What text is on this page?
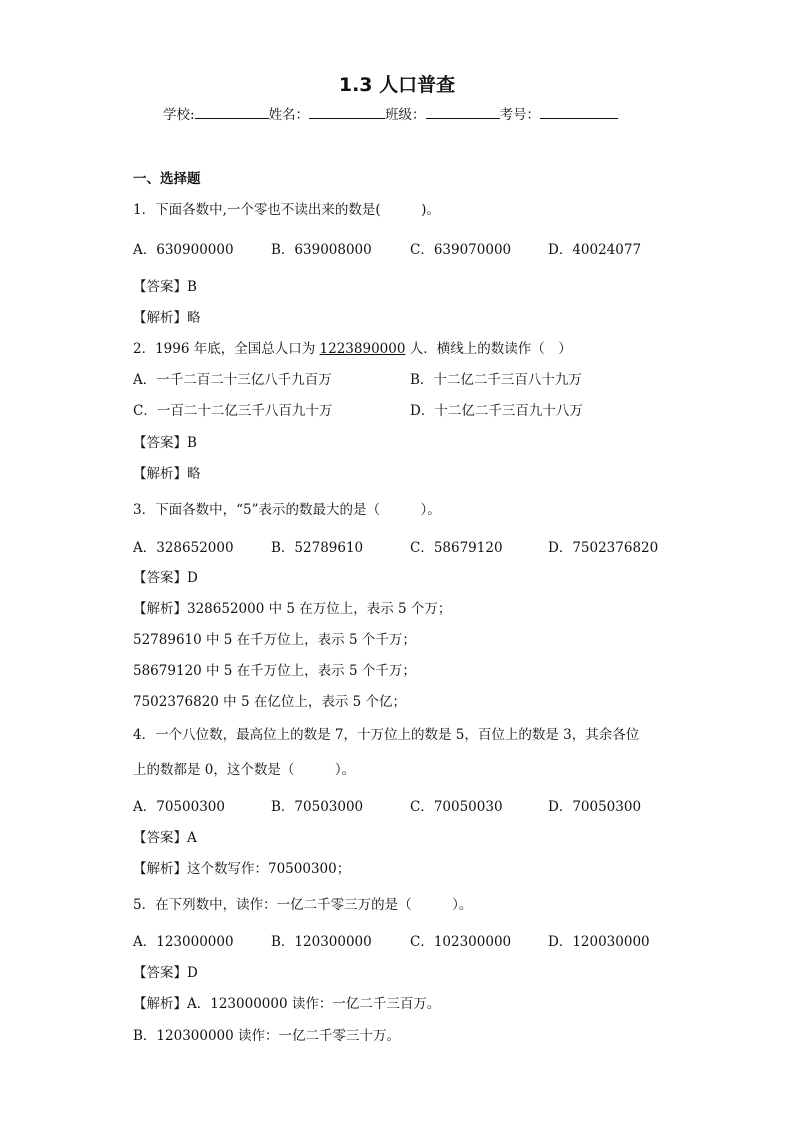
1.3 人口普查
学校:	姓名：	班级：	考号：
一、选择题
1．下面各数中,一个零也不读出来的数是(　　　)。
A．630900000	B．639008000	C．639070000	D．40024077
【答案】B
【解析】略
2．1996 年底，全国总人口为 1223890000 人．横线上的数读作（　）
A．一千二百二十三亿八千九百万	B．十二亿二千三百八十九万
C．一百二十二亿三千八百九十万	D．十二亿二千三百九十八万
【答案】B
【解析】略
3．下面各数中，“5”表示的数最大的是（　　　）。
A．328652000	B．52789610	C．58679120	D．7502376820
【答案】D
【解析】328652000 中 5 在万位上，表示 5 个万；
52789610 中 5 在千万位上，表示 5 个千万；
58679120 中 5 在千万位上，表示 5 个千万；
7502376820 中 5 在亿位上，表示 5 个亿；
4．一个八位数，最高位上的数是 7，十万位上的数是 5，百位上的数是 3，其余各位
上的数都是 0，这个数是（　　　）。
A．70500300	B．70503000	C．70050030	D．70050300
【答案】A
【解析】这个数写作：70500300；
5．在下列数中，读作：一亿二千零三万的是（　　　）。
A．123000000	B．120300000	C．102300000	D．120030000
【答案】D
【解析】A．123000000 读作：一亿二千三百万。
B．120300000 读作：一亿二千零三十万。
